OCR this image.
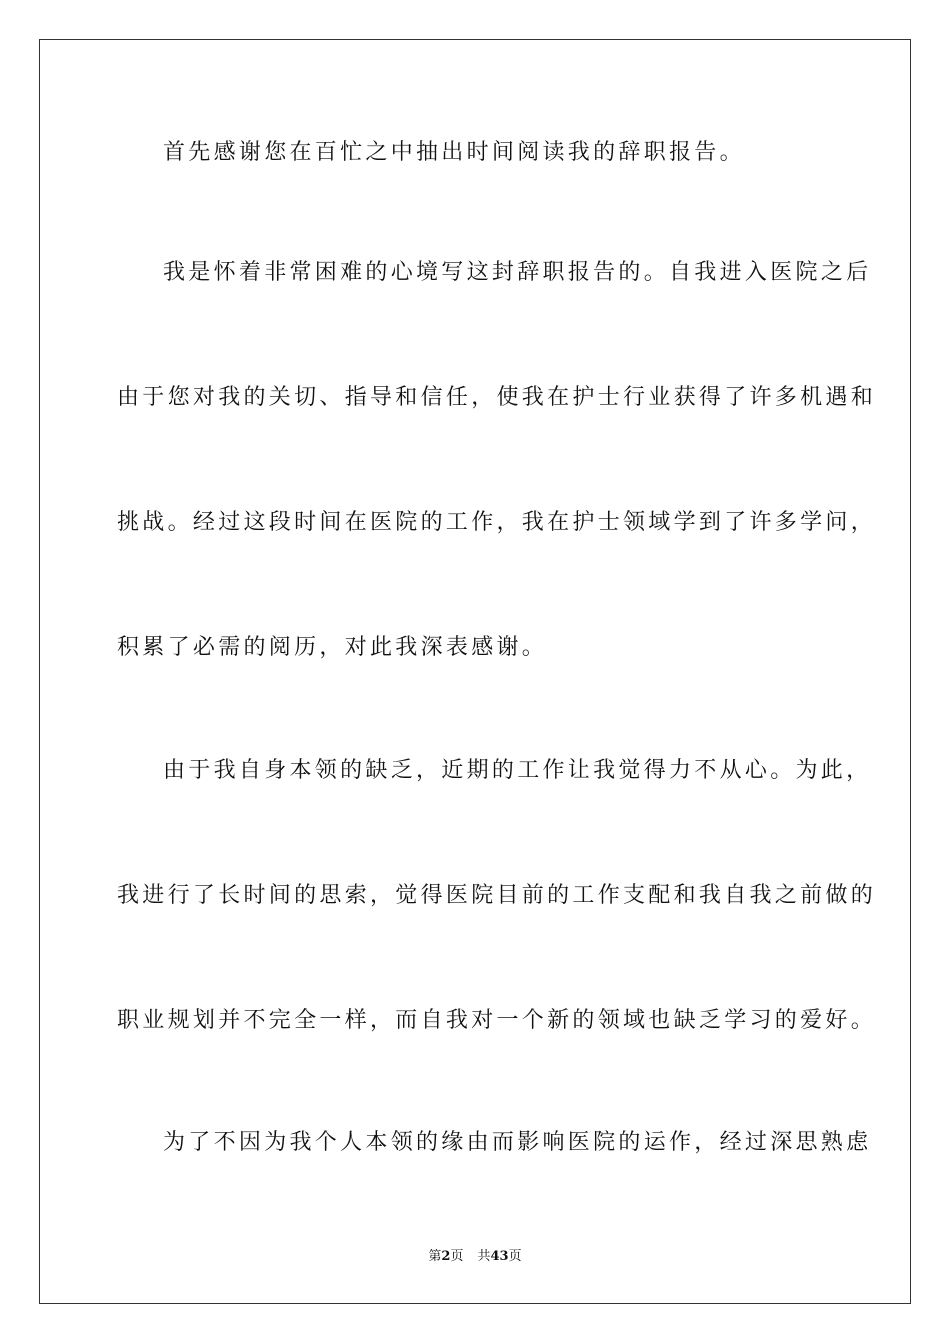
首先感谢您在百忙之中抽出时间阅读我的辞职报告。
我是怀着非常困难的心境写这封辞职报告的。自我进入医院之后
由于您对我的关切、指导和信任，使我在护士行业获得了许多机遇和
挑战。经过这段时间在医院的工作，我在护士领域学到了许多学问，
积累了必需的阅历，对此我深表感谢。
由于我自身本领的缺乏，近期的工作让我觉得力不从心。为此，
我进行了长时间的思索，觉得医院目前的工作支配和我自我之前做的
职业规划并不完全一样，而自我对一个新的领域也缺乏学习的爱好。
为了不因为我个人本领的缘由而影响医院的运作，经过深思熟虑
第2页 共43页
